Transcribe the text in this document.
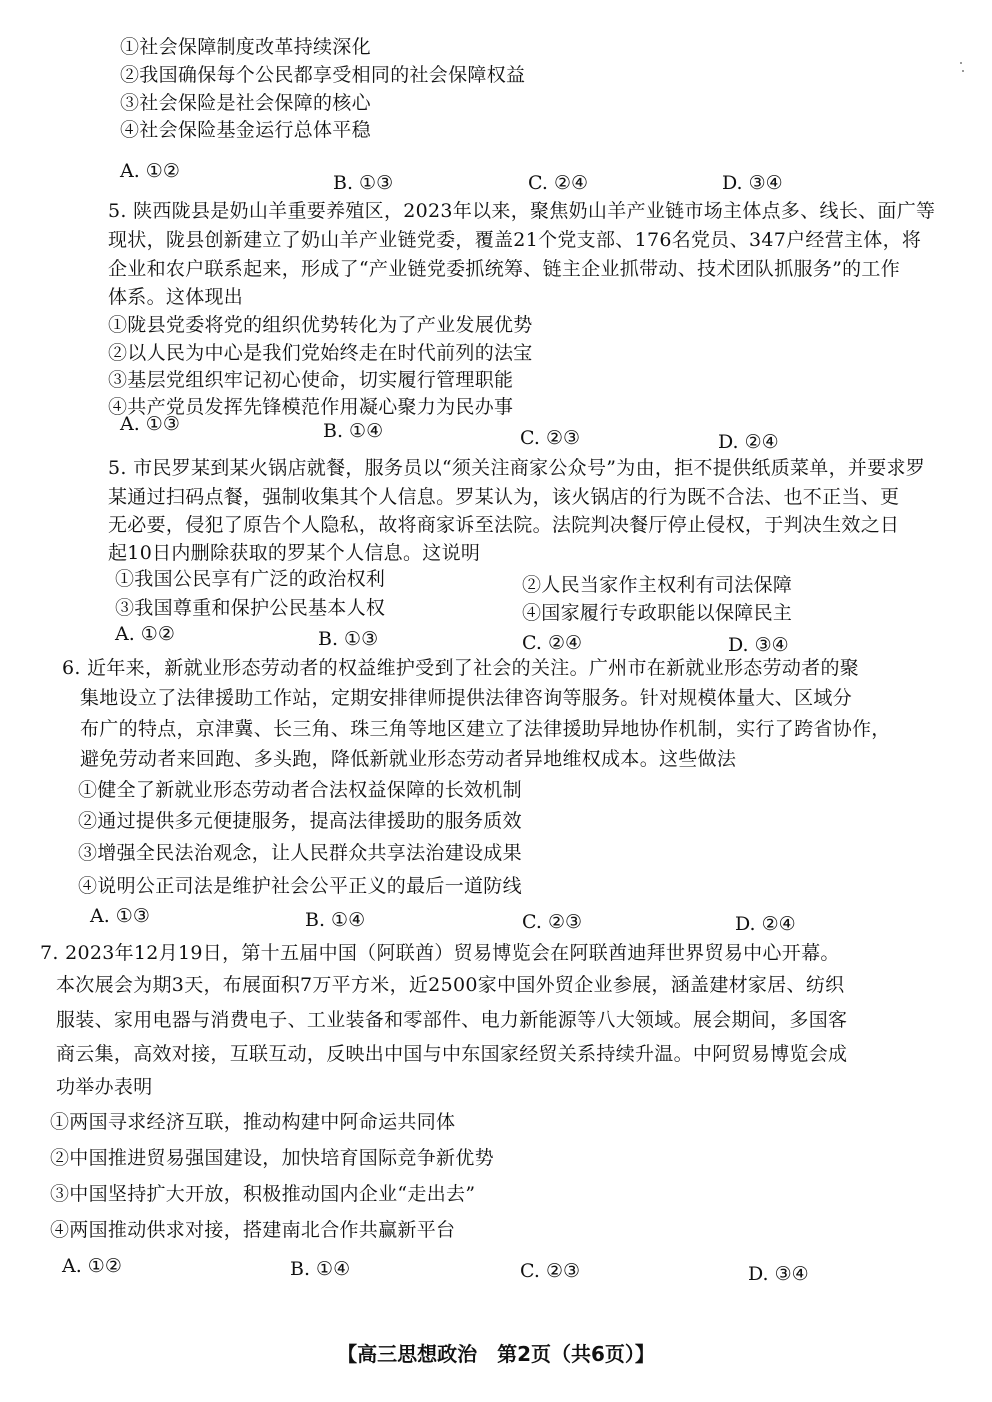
①社会保障制度改革持续深化
②我国确保每个公民都享受相同的社会保障权益
③社会保险是社会保障的核心
④社会保险基金运行总体平稳
A. ①②
B. ①③	C. ②④	D. ③④
5. 陕西陇县是奶山羊重要养殖区，2023年以来，聚焦奶山羊产业链市场主体点多、线长、面广等
现状，陇县创新建立了奶山羊产业链党委，覆盖21个党支部、176名党员、347户经营主体，将
企业和农户联系起来，形成了“产业链党委抓统筹、链主企业抓带动、技术团队抓服务”的工作
体系。这体现出
①陇县党委将党的组织优势转化为了产业发展优势
②以人民为中心是我们党始终走在时代前列的法宝
③基层党组织牢记初心使命，切实履行管理职能
④共产党员发挥先锋模范作用凝心聚力为民办事
A. ①③	B. ①④	C. ②③	D. ②④
5. 市民罗某到某火锅店就餐，服务员以“须关注商家公众号”为由，拒不提供纸质菜单，并要求罗
某通过扫码点餐，强制收集其个人信息。罗某认为，该火锅店的行为既不合法、也不正当、更
无必要，侵犯了原告个人隐私，故将商家诉至法院。法院判决餐厅停止侵权，于判决生效之日
起10日内删除获取的罗某个人信息。这说明
①我国公民享有广泛的政治权利	②人民当家作主权利有司法保障
③我国尊重和保护公民基本人权	④国家履行专政职能以保障民主
A. ①②	B. ①③	C. ②④	D. ③④
6. 近年来，新就业形态劳动者的权益维护受到了社会的关注。广州市在新就业形态劳动者的聚
集地设立了法律援助工作站，定期安排律师提供法律咨询等服务。针对规模体量大、区域分
布广的特点，京津冀、长三角、珠三角等地区建立了法律援助异地协作机制，实行了跨省协作，
避免劳动者来回跑、多头跑，降低新就业形态劳动者异地维权成本。这些做法
①健全了新就业形态劳动者合法权益保障的长效机制
②通过提供多元便捷服务，提高法律援助的服务质效
③增强全民法治观念，让人民群众共享法治建设成果
④说明公正司法是维护社会公平正义的最后一道防线
A. ①③	B. ①④	C. ②③	D. ②④
7. 2023年12月19日，第十五届中国（阿联酋）贸易博览会在阿联酋迪拜世界贸易中心开幕。
本次展会为期3天，布展面积7万平方米，近2500家中国外贸企业参展，涵盖建材家居、纺织
服装、家用电器与消费电子、工业装备和零部件、电力新能源等八大领域。展会期间，多国客
商云集，高效对接，互联互动，反映出中国与中东国家经贸关系持续升温。中阿贸易博览会成
功举办表明
①两国寻求经济互联，推动构建中阿命运共同体
②中国推进贸易强国建设，加快培育国际竞争新优势
③中国坚持扩大开放，积极推动国内企业“走出去”
④两国推动供求对接，搭建南北合作共赢新平台
A. ①②	B. ①④	C. ②③	D. ③④
【高三思想政治　第2页（共6页）】
